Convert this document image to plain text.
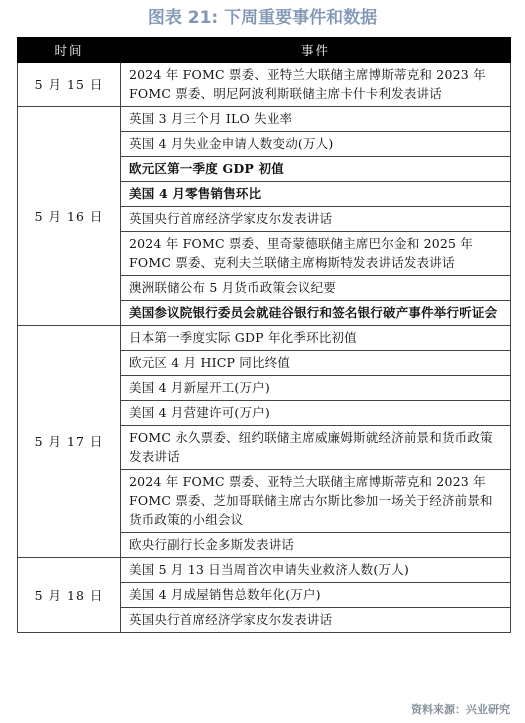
图表 21: 下周重要事件和数据
时间	事件
5 月 15 日	2024 年 FOMC 票委、亚特兰大联储主席博斯蒂克和 2023 年 FOMC 票委、明尼阿波利斯联储主席卡什卡利发表讲话
5 月 16 日	英国 3 月三个月 ILO 失业率
	英国 4 月失业金申请人数变动(万人)
	欧元区第一季度 GDP 初值
	美国 4 月零售销售环比
	英国央行首席经济学家皮尔发表讲话
	2024 年 FOMC 票委、里奇蒙德联储主席巴尔金和 2025 年 FOMC 票委、克利夫兰联储主席梅斯特发表讲话发表讲话
	澳洲联储公布 5 月货币政策会议纪要
	美国参议院银行委员会就硅谷银行和签名银行破产事件举行听证会
5 月 17 日	日本第一季度实际 GDP 年化季环比初值
	欧元区 4 月 HICP 同比终值
	美国 4 月新屋开工(万户)
	美国 4 月营建许可(万户)
	FOMC 永久票委、纽约联储主席威廉姆斯就经济前景和货币政策发表讲话
	2024 年 FOMC 票委、亚特兰大联储主席博斯蒂克和 2023 年 FOMC 票委、芝加哥联储主席古尔斯比参加一场关于经济前景和货币政策的小组会议
	欧央行副行长金多斯发表讲话
5 月 18 日	美国 5 月 13 日当周首次申请失业救济人数(万人)
	美国 4 月成屋销售总数年化(万户)
	英国央行首席经济学家皮尔发表讲话
资料来源：兴业研究
